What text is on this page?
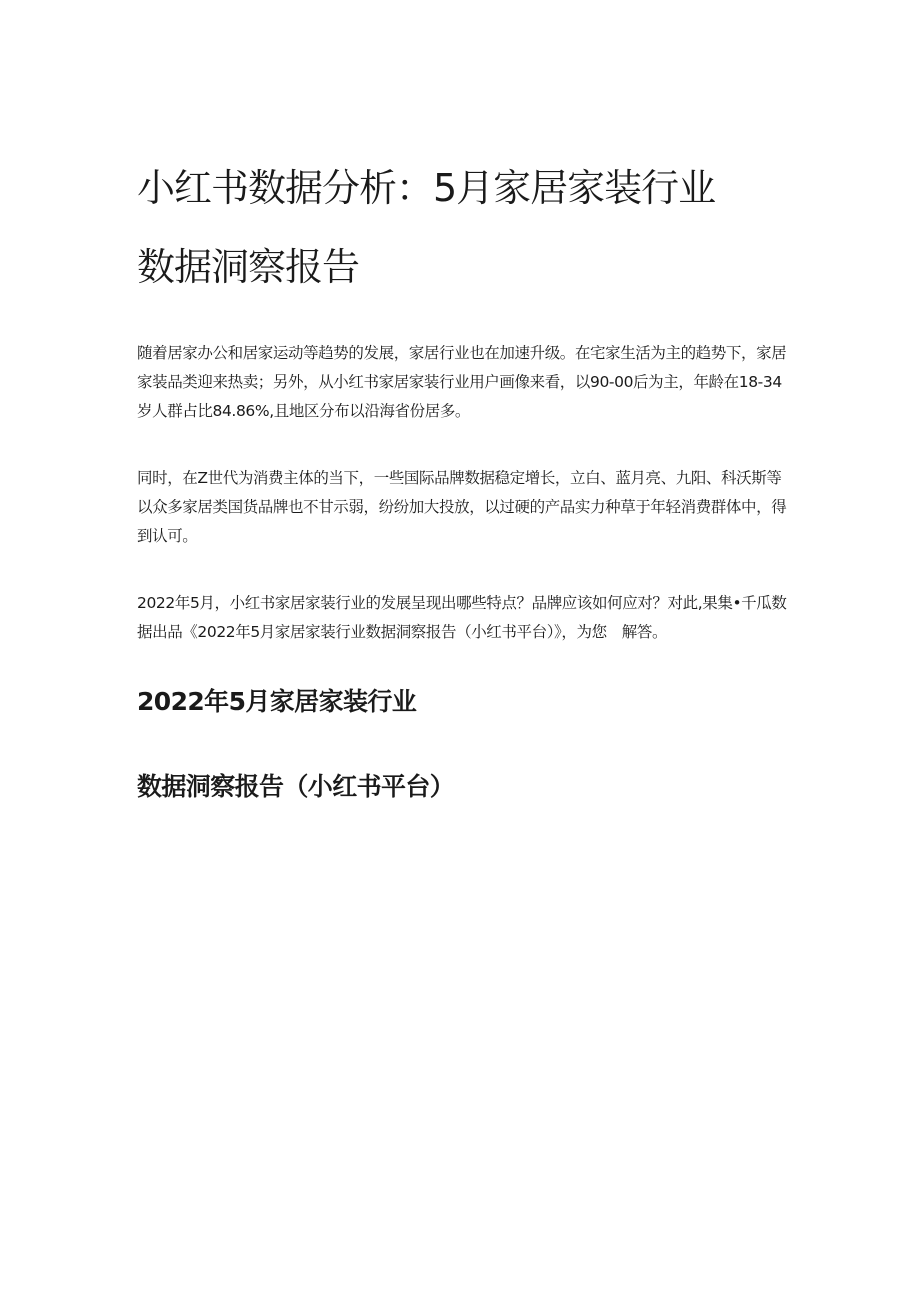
小红书数据分析：5月家居家装行业
数据洞察报告

随着居家办公和居家运动等趋势的发展，家居行业也在加速升级。在宅家生活为主的趋势下，家居家装品类迎来热卖；另外，从小红书家居家装行业用户画像来看，以90-00后为主，年龄在18-34岁人群占比84.86%,且地区分布以沿海省份居多。

同时，在Z世代为消费主体的当下，一些国际品牌数据稳定增长，立白、蓝月亮、九阳、科沃斯等以众多家居类国货品牌也不甘示弱，纷纷加大投放，以过硬的产品实力种草于年轻消费群体中，得到认可。

2022年5月，小红书家居家装行业的发展呈现出哪些特点？品牌应该如何应对？对此,果集•千瓜数据出品《2022年5月家居家装行业数据洞察报告（小红书平台）》，为您　解答。

2022年5月家居家装行业
数据洞察报告（小红书平台）
